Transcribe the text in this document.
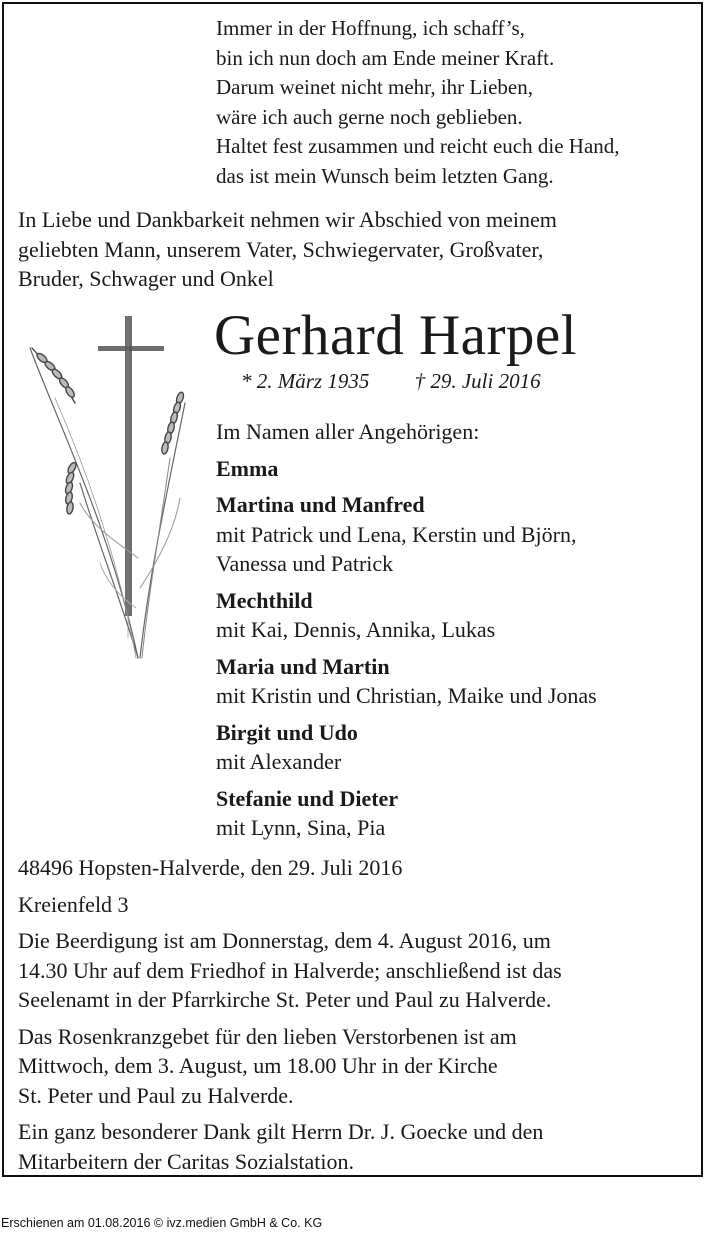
Immer in der Hoffnung, ich schaff’s,
bin ich nun doch am Ende meiner Kraft.
Darum weinet nicht mehr, ihr Lieben,
wäre ich auch gerne noch geblieben.
Haltet fest zusammen und reicht euch die Hand,
das ist mein Wunsch beim letzten Gang.
In Liebe und Dankbarkeit nehmen wir Abschied von meinem
geliebten Mann, unserem Vater, Schwiegervater, Großvater,
Bruder, Schwager und Onkel
Gerhard Harpel
* 2. März 1935 † 29. Juli 2016
Im Namen aller Angehörigen:
Emma
Martina und Manfred
mit Patrick und Lena, Kerstin und Björn,
Vanessa und Patrick
Mechthild
mit Kai, Dennis, Annika, Lukas
Maria und Martin
mit Kristin und Christian, Maike und Jonas
Birgit und Udo
mit Alexander
Stefanie und Dieter
mit Lynn, Sina, Pia

48496 Hopsten-Halverde, den 29. Juli 2016

Kreienfeld 3

Die Beerdigung ist am Donnerstag, dem 4. August 2016, um
14.30 Uhr auf dem Friedhof in Halverde; anschließend ist das
Seelenamt in der Pfarrkirche St. Peter und Paul zu Halverde.

Das Rosenkranzgebet für den lieben Verstorbenen ist am
Mittwoch, dem 3. August, um 18.00 Uhr in der Kirche
St. Peter und Paul zu Halverde.

Ein ganz besonderer Dank gilt Herrn Dr. J. Goecke und den
Mitarbeitern der Caritas Sozialstation.

Erschienen am 01.08.2016 © ivz.medien GmbH & Co. KG
